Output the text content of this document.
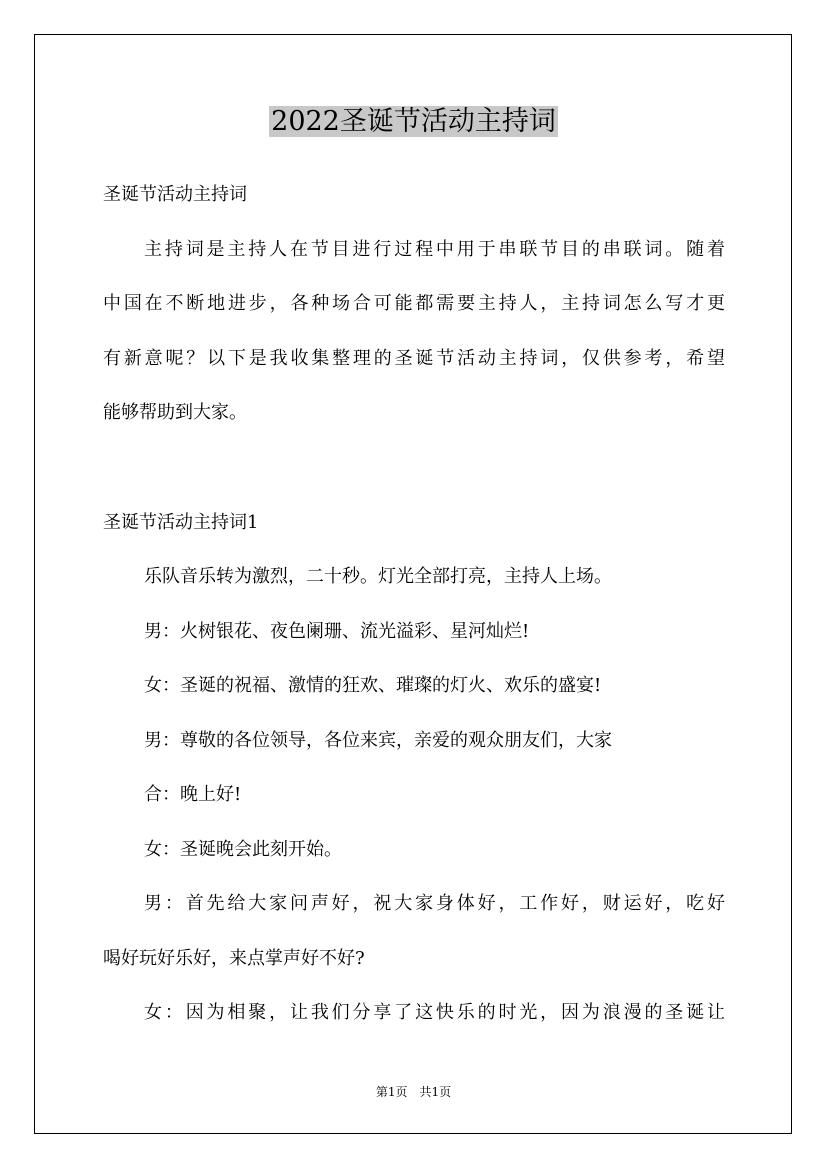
2022圣诞节活动主持词
圣诞节活动主持词
主持词是主持人在节目进行过程中用于串联节目的串联词。随着
中国在不断地进步，各种场合可能都需要主持人，主持词怎么写才更
有新意呢？以下是我收集整理的圣诞节活动主持词，仅供参考，希望
能够帮助到大家。
圣诞节活动主持词1
乐队音乐转为激烈，二十秒。灯光全部打亮，主持人上场。
男：火树银花、夜色阑珊、流光溢彩、星河灿烂!
女：圣诞的祝福、激情的狂欢、璀璨的灯火、欢乐的盛宴!
男：尊敬的各位领导，各位来宾，亲爱的观众朋友们，大家
合：晚上好!
女：圣诞晚会此刻开始。
男：首先给大家问声好，祝大家身体好，工作好，财运好，吃好
喝好玩好乐好，来点掌声好不好?
女：因为相聚，让我们分享了这快乐的时光，因为浪漫的圣诞让
第1页 共1页
